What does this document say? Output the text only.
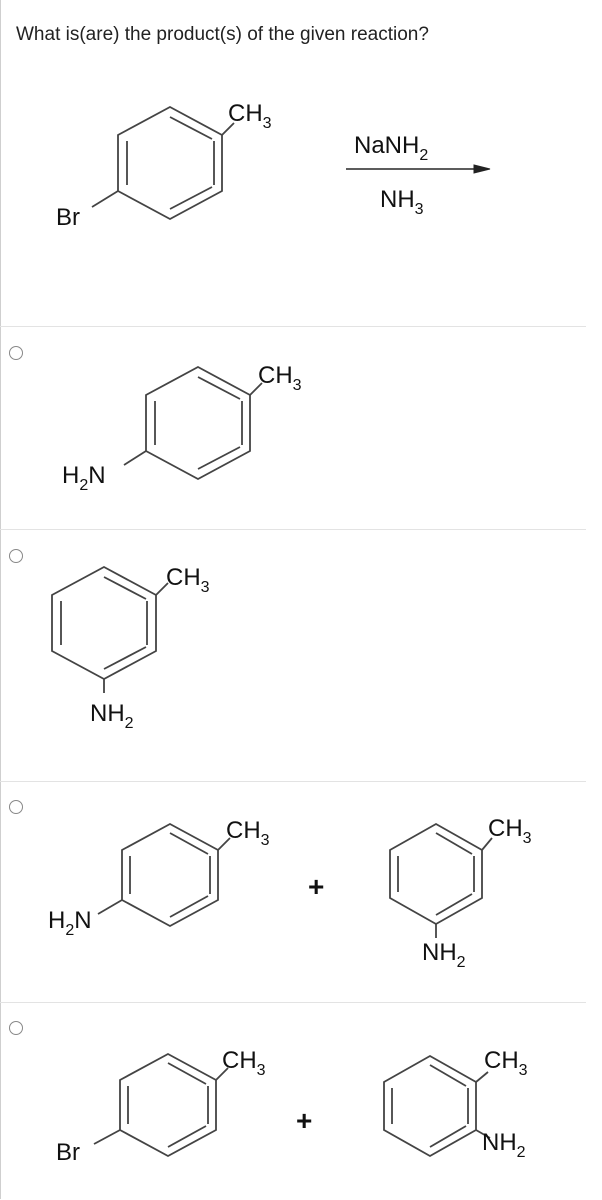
What is(are) the product(s) of the given reaction?
$CH_3$
Br
NaNH$_2$
$NH_3$
$CH_3$
$H_2N$
$CH_3$
$NH_2$
$CH_3$
$H_2N$
+
$CH_3$
$NH_2$
$CH_3$
Br
+
$CH_3$
$NH_2$
